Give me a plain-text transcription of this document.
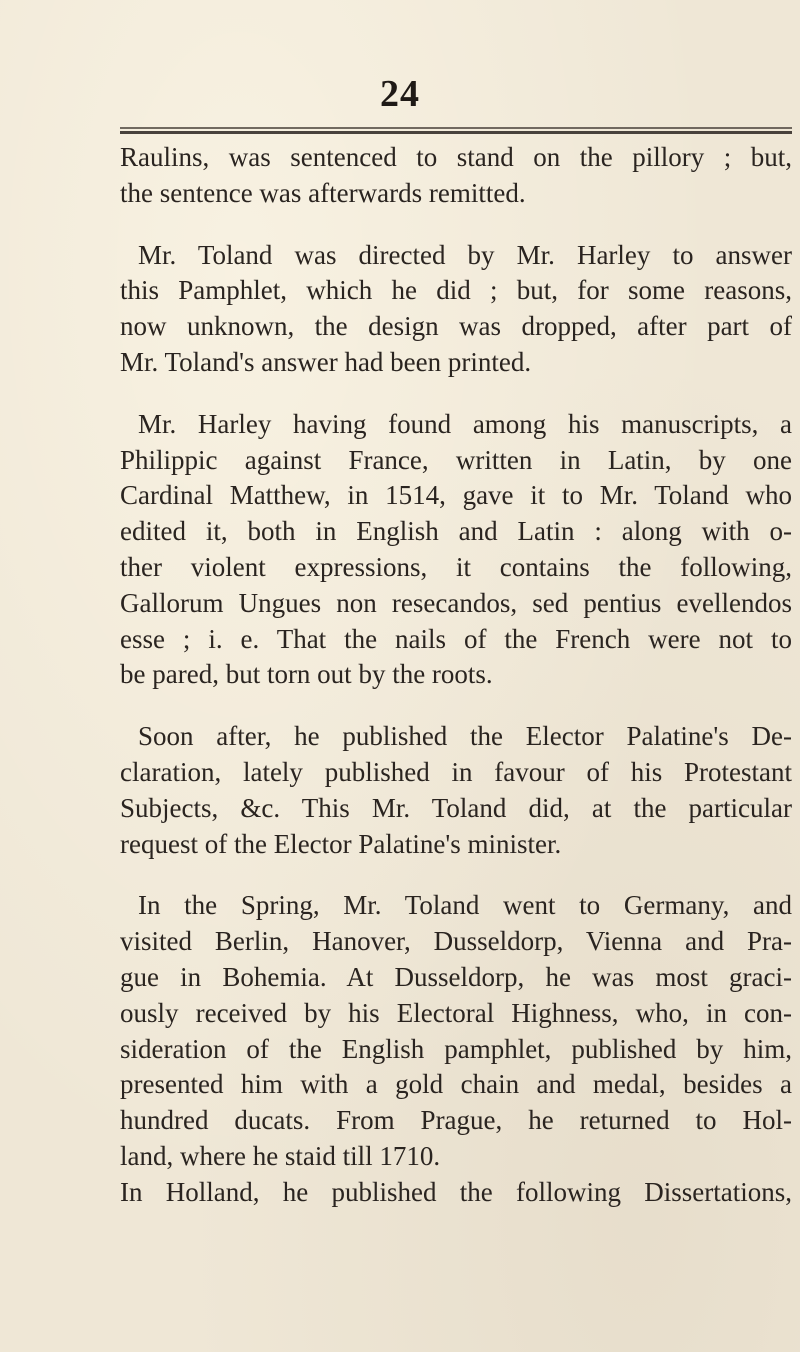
24
Raulins, was sentenced to stand on the pillory ; but,
the sentence was afterwards remitted.
Mr. Toland was directed by Mr. Harley to answer
this Pamphlet, which he did ; but, for some reasons,
now unknown, the design was dropped, after part of
Mr. Toland's answer had been printed.
Mr. Harley having found among his manuscripts, a
Philippic against France, written in Latin, by one
Cardinal Matthew, in 1514, gave it to Mr. Toland who
edited it, both in English and Latin : along with o-
ther violent expressions, it contains the following,
Gallorum Ungues non resecandos, sed pentius evellendos
esse ; i. e. That the nails of the French were not to
be pared, but torn out by the roots.
Soon after, he published the Elector Palatine's De-
claration, lately published in favour of his Protestant
Subjects, &c. This Mr. Toland did, at the particular
request of the Elector Palatine's minister.
In the Spring, Mr. Toland went to Germany, and
visited Berlin, Hanover, Dusseldorp, Vienna and Pra-
gue in Bohemia. At Dusseldorp, he was most graci-
ously received by his Electoral Highness, who, in con-
sideration of the English pamphlet, published by him,
presented him with a gold chain and medal, besides a
hundred ducats. From Prague, he returned to Hol-
land, where he staid till 1710.
In Holland, he published the following Dissertations,
